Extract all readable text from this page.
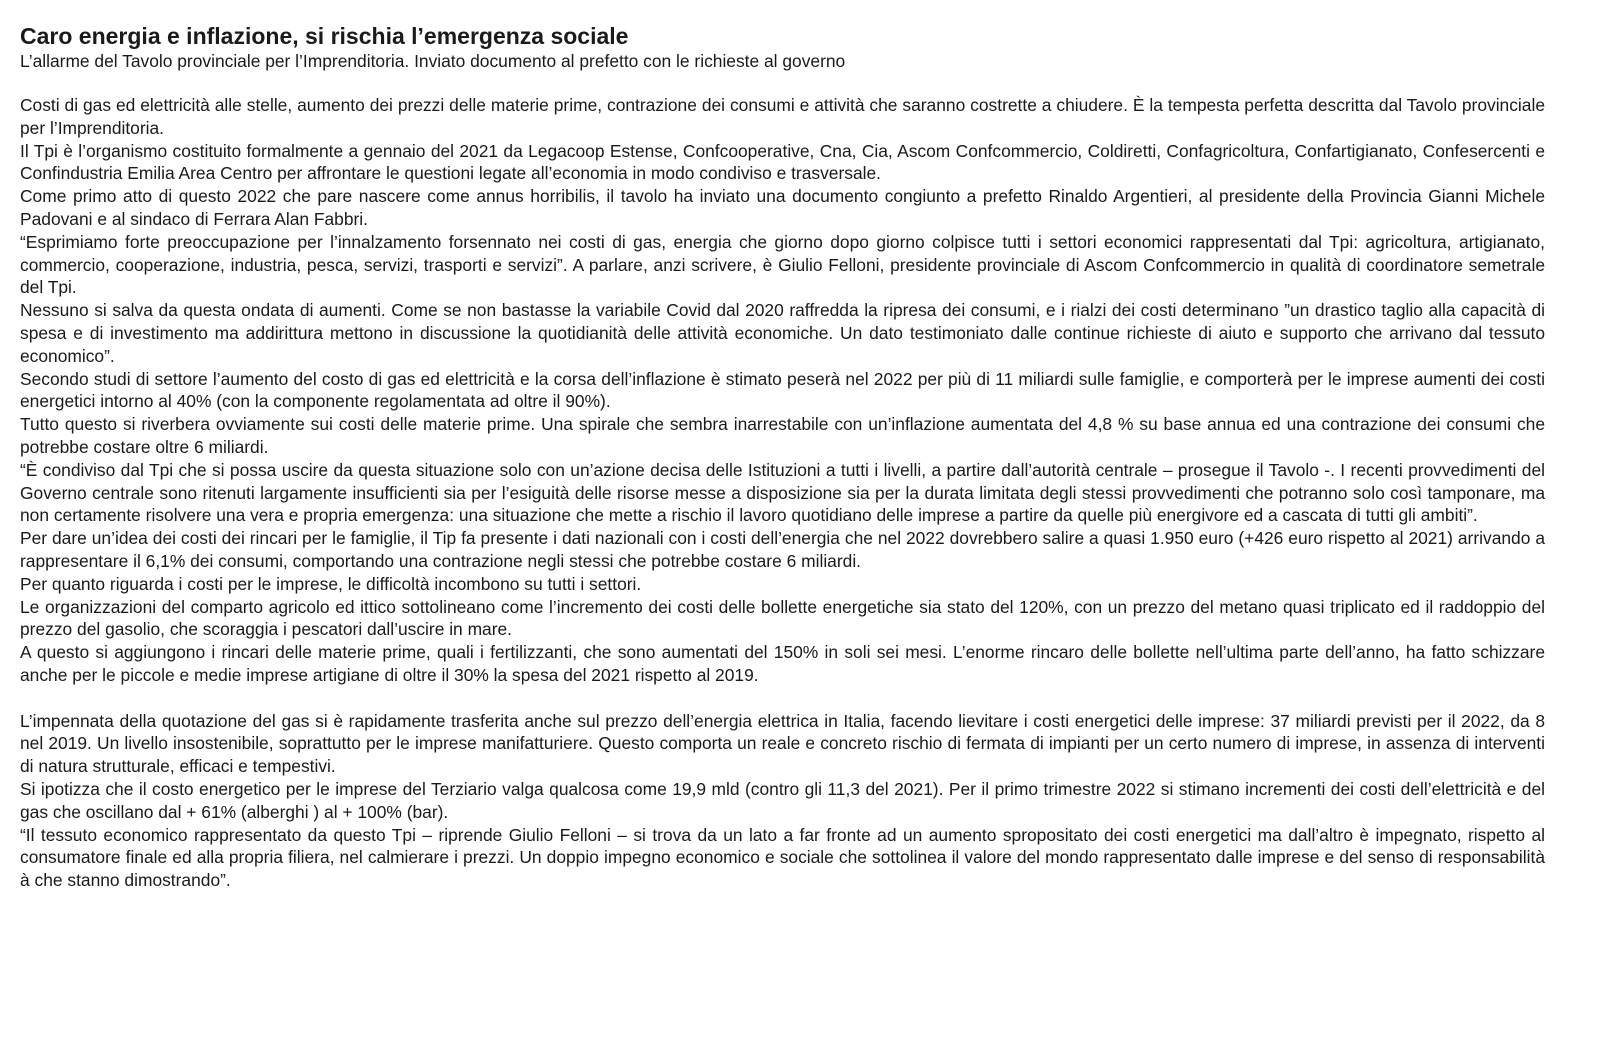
Caro energia e inflazione, si rischia l’emergenza sociale

L’allarme del Tavolo provinciale per l’Imprenditoria. Inviato documento al prefetto con le richieste al governo

Costi di gas ed elettricità alle stelle, aumento dei prezzi delle materie prime, contrazione dei consumi e attività che saranno costrette a chiudere. È la tempesta perfetta descritta dal Tavolo provinciale per l’Imprenditoria.

Il Tpi è l’organismo costituito formalmente a gennaio del 2021 da Legacoop Estense, Confcooperative, Cna, Cia, Ascom Confcommercio, Coldiretti, Confagricoltura, Confartigianato, Confesercenti e Confindustria Emilia Area Centro per affrontare le questioni legate all’economia in modo condiviso e trasversale.

Come primo atto di questo 2022 che pare nascere come annus horribilis, il tavolo ha inviato una documento congiunto a prefetto Rinaldo Argentieri, al presidente della Provincia Gianni Michele Padovani e al sindaco di Ferrara Alan Fabbri.

“Esprimiamo forte preoccupazione per l’innalzamento forsennato nei costi di gas, energia che giorno dopo giorno colpisce tutti i settori economici rappresentati dal Tpi: agricoltura, artigianato, commercio, cooperazione, industria, pesca, servizi, trasporti e servizi”. A parlare, anzi scrivere, è Giulio Felloni, presidente provinciale di Ascom Confcommercio in qualità di coordinatore semetrale del Tpi.

Nessuno si salva da questa ondata di aumenti. Come se non bastasse la variabile Covid dal 2020 raffredda la ripresa dei consumi, e i rialzi dei costi determinano ”un drastico taglio alla capacità di spesa e di investimento ma addirittura mettono in discussione la quotidianità delle attività economiche. Un dato testimoniato dalle continue richieste di aiuto e supporto che arrivano dal tessuto economico”.

Secondo studi di settore l’aumento del costo di gas ed elettricità e la corsa dell’inflazione è stimato peserà nel 2022 per più di 11 miliardi sulle famiglie, e comporterà per le imprese aumenti dei costi energetici intorno al 40% (con la componente regolamentata ad oltre il 90%).

Tutto questo si riverbera ovviamente sui costi delle materie prime. Una spirale che sembra inarrestabile con un’inflazione aumentata del 4,8 % su base annua ed una contrazione dei consumi che potrebbe costare oltre 6 miliardi.

“È condiviso dal Tpi che si possa uscire da questa situazione solo con un’azione decisa delle Istituzioni a tutti i livelli, a partire dall’autorità centrale – prosegue il Tavolo -. I recenti provvedimenti del Governo centrale sono ritenuti largamente insufficienti sia per l’esiguità delle risorse messe a disposizione sia per la durata limitata degli stessi provvedimenti che potranno solo così tamponare, ma non certamente risolvere una vera e propria emergenza: una situazione che mette a rischio il lavoro quotidiano delle imprese a partire da quelle più energivore ed a cascata di tutti gli ambiti”.

Per dare un’idea dei costi dei rincari per le famiglie, il Tip fa presente i dati nazionali con i costi dell’energia che nel 2022 dovrebbero salire a quasi 1.950 euro (+426 euro rispetto al 2021) arrivando a rappresentare il 6,1% dei consumi, comportando una contrazione negli stessi che potrebbe costare 6 miliardi.

Per quanto riguarda i costi per le imprese, le difficoltà incombono su tutti i settori.

Le organizzazioni del comparto agricolo ed ittico sottolineano come l’incremento dei costi delle bollette energetiche sia stato del 120%, con un prezzo del metano quasi triplicato ed il raddoppio del prezzo del gasolio, che scoraggia i pescatori dall’uscire in mare.

A questo si aggiungono i rincari delle materie prime, quali i fertilizzanti, che sono aumentati del 150% in soli sei mesi. L’enorme rincaro delle bollette nell’ultima parte dell’anno, ha fatto schizzare anche per le piccole e medie imprese artigiane di oltre il 30% la spesa del 2021 rispetto al 2019.

L’impennata della quotazione del gas si è rapidamente trasferita anche sul prezzo dell’energia elettrica in Italia, facendo lievitare i costi energetici delle imprese: 37 miliardi previsti per il 2022, da 8 nel 2019. Un livello insostenibile, soprattutto per le imprese manifatturiere. Questo comporta un reale e concreto rischio di fermata di impianti per un certo numero di imprese, in assenza di interventi di natura strutturale, efficaci e tempestivi.

Si ipotizza che il costo energetico per le imprese del Terziario valga qualcosa come 19,9 mld (contro gli 11,3 del 2021). Per il primo trimestre 2022 si stimano incrementi dei costi dell’elettricità e del gas che oscillano dal + 61% (alberghi ) al + 100% (bar).

“Il tessuto economico rappresentato da questo Tpi – riprende Giulio Felloni – si trova da un lato a far fronte ad un aumento spropositato dei costi energetici ma dall’altro è impegnato, rispetto al consumatore finale ed alla propria filiera, nel calmierare i prezzi. Un doppio impegno economico e sociale che sottolinea il valore del mondo rappresentato dalle imprese e del senso di responsabilità à che stanno dimostrando”.
